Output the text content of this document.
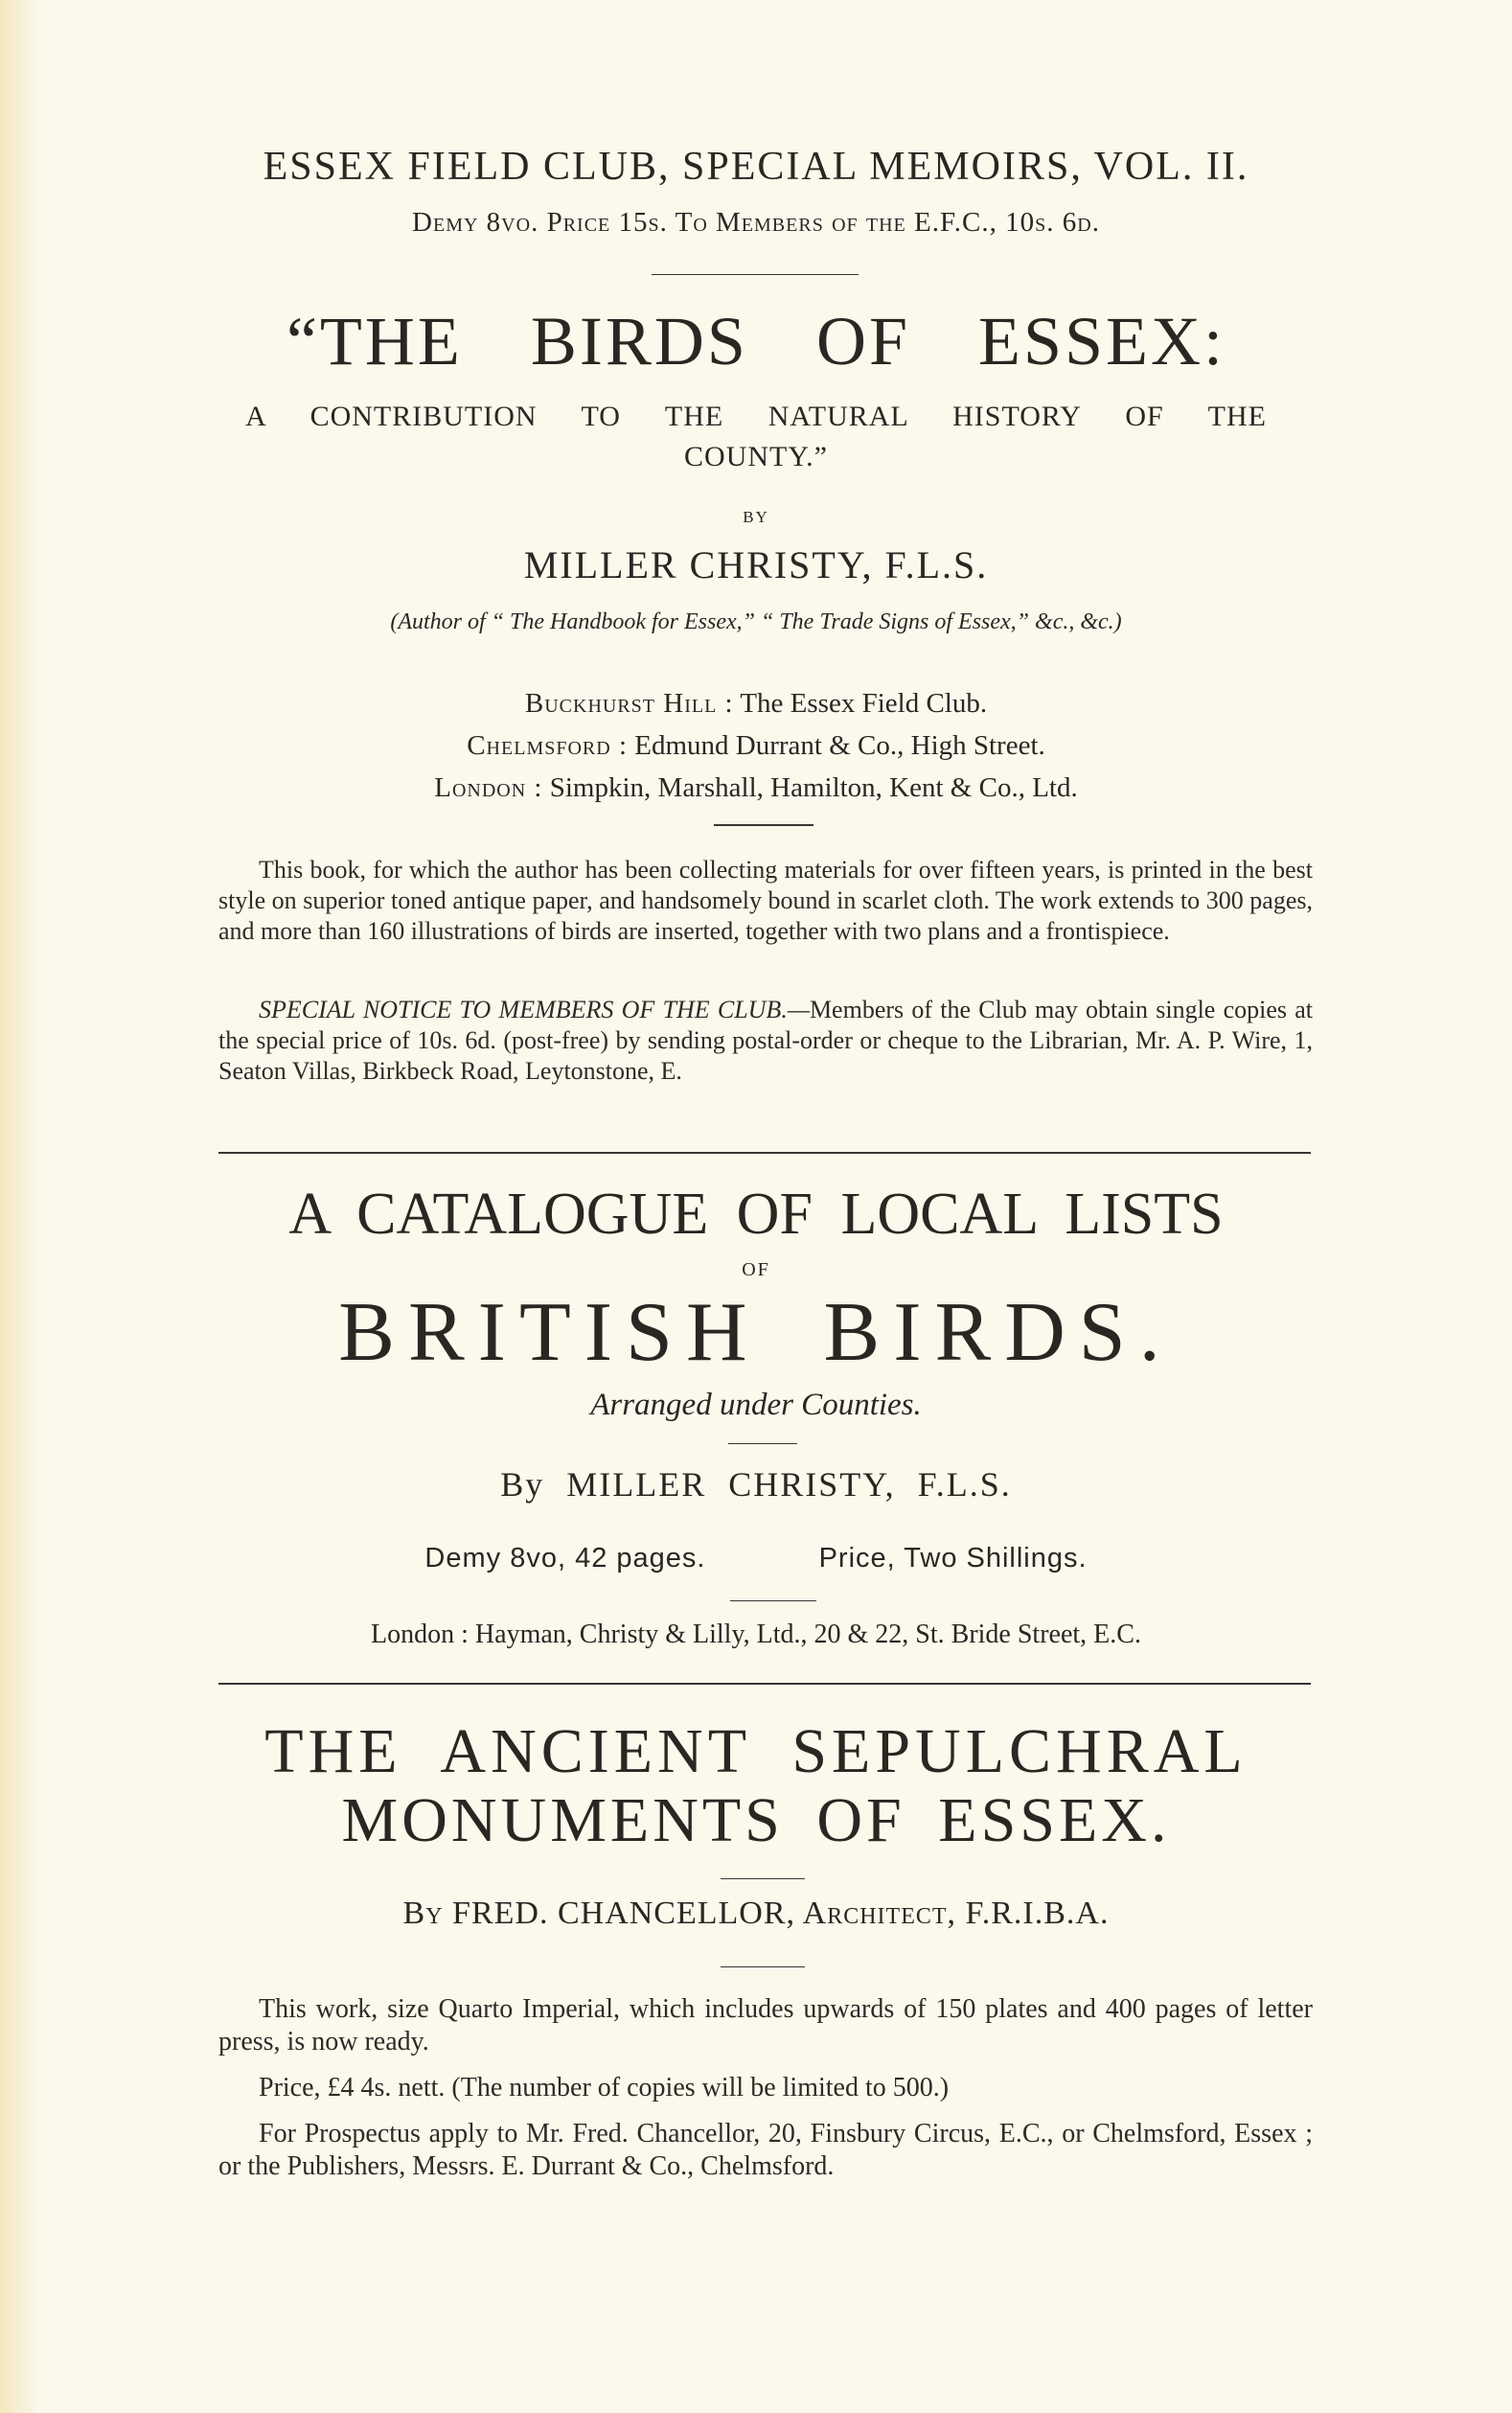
ESSEX FIELD CLUB, SPECIAL MEMOIRS, VOL. II.
Demy 8vo. Price 15s. To Members of the E.F.C., 10s. 6d.
“THE BIRDS OF ESSEX:
A CONTRIBUTION TO THE NATURAL HISTORY OF THE
COUNTY.”
BY
MILLER CHRISTY, F.L.S.
(Author of “ The Handbook for Essex,” “ The Trade Signs of Essex,” &c., &c.)
Buckhurst Hill : The Essex Field Club.
Chelmsford : Edmund Durrant & Co., High Street.
London : Simpkin, Marshall, Hamilton, Kent & Co., Ltd.
This book, for which the author has been collecting materials for over fifteen years, is printed in the best style on superior toned antique paper, and handsomely bound in scarlet cloth. The work extends to 300 pages, and more than 160 illustrations of birds are inserted, together with two plans and a frontispiece.
SPECIAL NOTICE TO MEMBERS OF THE CLUB.—Members of the Club may obtain single copies at the special price of 10s. 6d. (post-free) by sending postal-order or cheque to the Librarian, Mr. A. P. Wire, 1, Seaton Villas, Birkbeck Road, Leytonstone, E.
A CATALOGUE OF LOCAL LISTS
OF
BRITISH BIRDS.
Arranged under Counties.
By MILLER CHRISTY, F.L.S.
Demy 8vo, 42 pages.	Price, Two Shillings.
London : Hayman, Christy & Lilly, Ltd., 20 & 22, St. Bride Street, E.C.
THE ANCIENT SEPULCHRAL
MONUMENTS OF ESSEX.
By FRED. CHANCELLOR, Architect, F.R.I.B.A.
This work, size Quarto Imperial, which includes upwards of 150 plates and 400 pages of letter press, is now ready.
Price, £4 4s. nett. (The number of copies will be limited to 500.)
For Prospectus apply to Mr. Fred. Chancellor, 20, Finsbury Circus, E.C., or Chelmsford, Essex ; or the Publishers, Messrs. E. Durrant & Co., Chelmsford.
